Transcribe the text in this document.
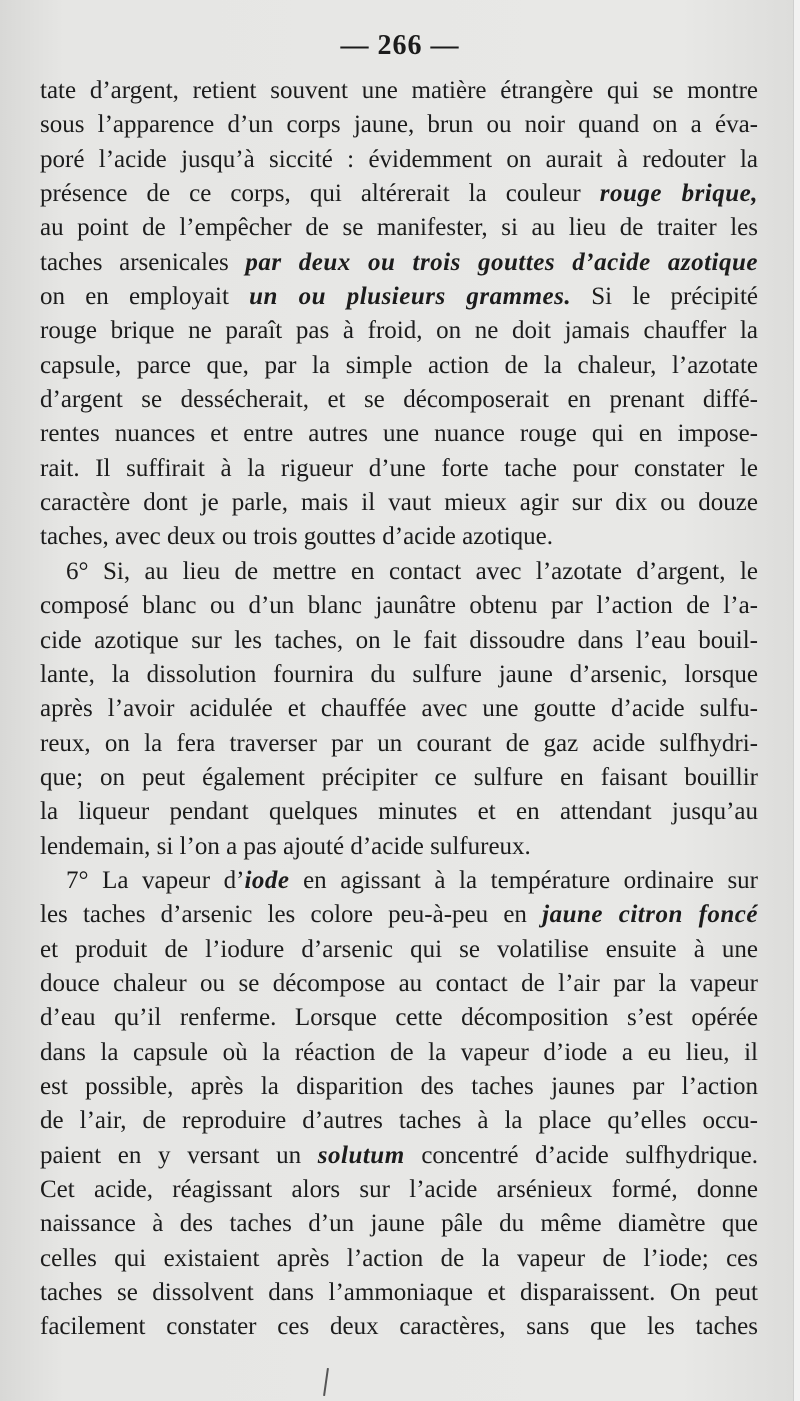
— 266 —
tate d’argent, retient souvent une matière étrangère qui se montre
sous l’apparence d’un corps jaune, brun ou noir quand on a éva-
poré l’acide jusqu’à siccité : évidemment on aurait à redouter la
présence de ce corps, qui altérerait la couleur rouge brique,
au point de l’empêcher de se manifester, si au lieu de traiter les
taches arsenicales par deux ou trois gouttes d’acide azotique
on en employait un ou plusieurs grammes. Si le précipité
rouge brique ne paraît pas à froid, on ne doit jamais chauffer la
capsule, parce que, par la simple action de la chaleur, l’azotate
d’argent se dessécherait, et se décomposerait en prenant diffé-
rentes nuances et entre autres une nuance rouge qui en impose-
rait. Il suffirait à la rigueur d’une forte tache pour constater le
caractère dont je parle, mais il vaut mieux agir sur dix ou douze
taches, avec deux ou trois gouttes d’acide azotique.
6° Si, au lieu de mettre en contact avec l’azotate d’argent, le
composé blanc ou d’un blanc jaunâtre obtenu par l’action de l’a-
cide azotique sur les taches, on le fait dissoudre dans l’eau bouil-
lante, la dissolution fournira du sulfure jaune d’arsenic, lorsque
après l’avoir acidulée et chauffée avec une goutte d’acide sulfu-
reux, on la fera traverser par un courant de gaz acide sulfhydri-
que; on peut également précipiter ce sulfure en faisant bouillir
la liqueur pendant quelques minutes et en attendant jusqu’au
lendemain, si l’on a pas ajouté d’acide sulfureux.
7° La vapeur d’iode en agissant à la température ordinaire sur
les taches d’arsenic les colore peu-à-peu en jaune citron foncé
et produit de l’iodure d’arsenic qui se volatilise ensuite à une
douce chaleur ou se décompose au contact de l’air par la vapeur
d’eau qu’il renferme. Lorsque cette décomposition s’est opérée
dans la capsule où la réaction de la vapeur d’iode a eu lieu, il
est possible, après la disparition des taches jaunes par l’action
de l’air, de reproduire d’autres taches à la place qu’elles occu-
paient en y versant un solutum concentré d’acide sulfhydrique.
Cet acide, réagissant alors sur l’acide arsénieux formé, donne
naissance à des taches d’un jaune pâle du même diamètre que
celles qui existaient après l’action de la vapeur de l’iode; ces
taches se dissolvent dans l’ammoniaque et disparaissent. On peut
facilement constater ces deux caractères, sans que les taches
